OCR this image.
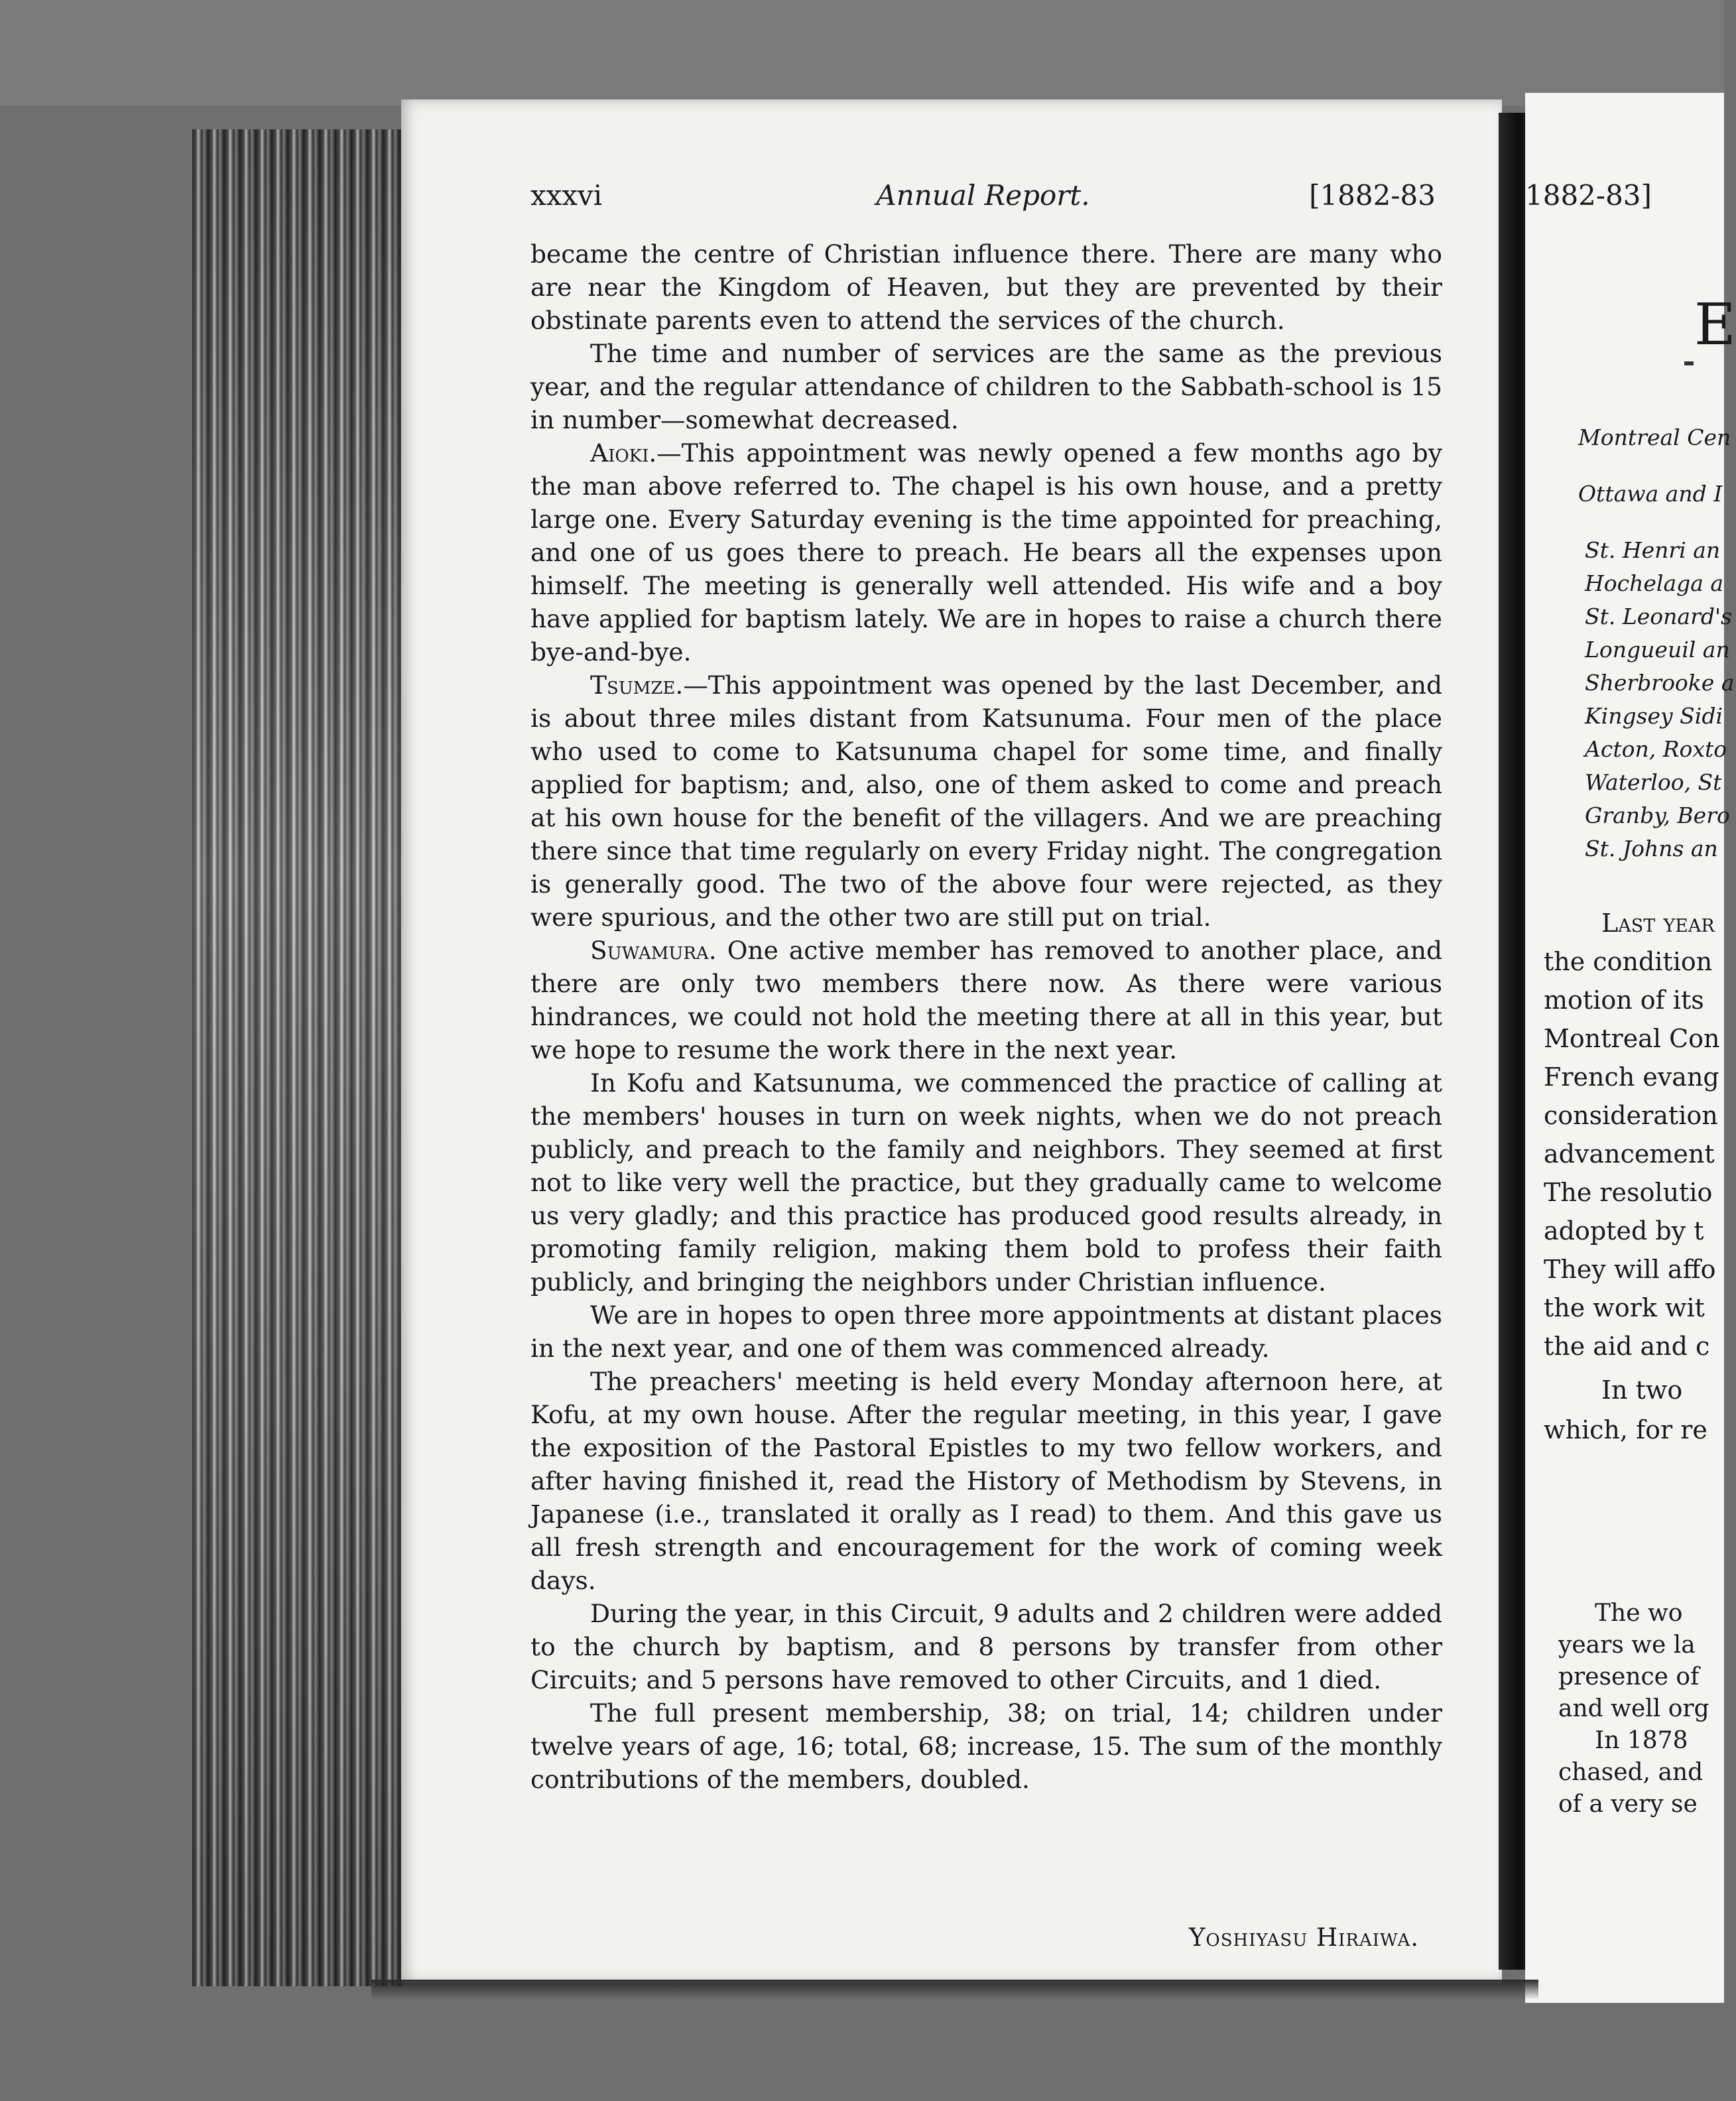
xxxvi	Annual Report.	[1882-83

became the centre of Christian influence there. There are many who are near the Kingdom of Heaven, but they are prevented by their obstinate parents even to attend the services of the church.

The time and number of services are the same as the previous year, and the regular attendance of children to the Sabbath-school is 15 in number—somewhat decreased.

Aioki.—This appointment was newly opened a few months ago by the man above referred to. The chapel is his own house, and a pretty large one. Every Saturday evening is the time appointed for preaching, and one of us goes there to preach. He bears all the expenses upon himself. The meeting is generally well attended. His wife and a boy have applied for baptism lately. We are in hopes to raise a church there bye-and-bye.

Tsumze.—This appointment was opened by the last December, and is about three miles distant from Katsunuma. Four men of the place who used to come to Katsunuma chapel for some time, and finally applied for baptism; and, also, one of them asked to come and preach at his own house for the benefit of the villagers. And we are preaching there since that time regularly on every Friday night. The congregation is generally good. The two of the above four were rejected, as they were spurious, and the other two are still put on trial.

Suwamura. One active member has removed to another place, and there are only two members there now. As there were various hindrances, we could not hold the meeting there at all in this year, but we hope to resume the work there in the next year.

In Kofu and Katsunuma, we commenced the practice of calling at the members' houses in turn on week nights, when we do not preach publicly, and preach to the family and neighbors. They seemed at first not to like very well the practice, but they gradually came to welcome us very gladly; and this practice has produced good results already, in promoting family religion, making them bold to profess their faith publicly, and bringing the neighbors under Christian influence.

We are in hopes to open three more appointments at distant places in the next year, and one of them was commenced already.

The preachers' meeting is held every Monday afternoon here, at Kofu, at my own house. After the regular meeting, in this year, I gave the exposition of the Pastoral Epistles to my two fellow workers, and after having finished it, read the History of Methodism by Stevens, in Japanese (i.e., translated it orally as I read) to them. And this gave us all fresh strength and encouragement for the work of coming week days.

During the year, in this Circuit, 9 adults and 2 children were added to the church by baptism, and 8 persons by transfer from other Circuits; and 5 persons have removed to other Circuits, and 1 died.

The full present membership, 38; on trial, 14; children under twelve years of age, 16; total, 68; increase, 15. The sum of the monthly contributions of the members, doubled.

Yoshiyasu Hiraiwa.
1882-83]
E
Montreal Cen
Ottawa and I
St. Henri an
Hochelaga a
St. Leonard's
Longueuil an
Sherbrooke a
Kingsey Sidi
Acton, Roxto
Waterloo, St
Granby, Bero
St. Johns an
Last year
the condition
motion of its
Montreal Con
French evang
consideration
advancement
The resolutio
adopted by t
They will affo
the work wit
the aid and c
In two
which, for re
The wo
years we la
presence of
and well org
In 1878
chased, and
of a very se
